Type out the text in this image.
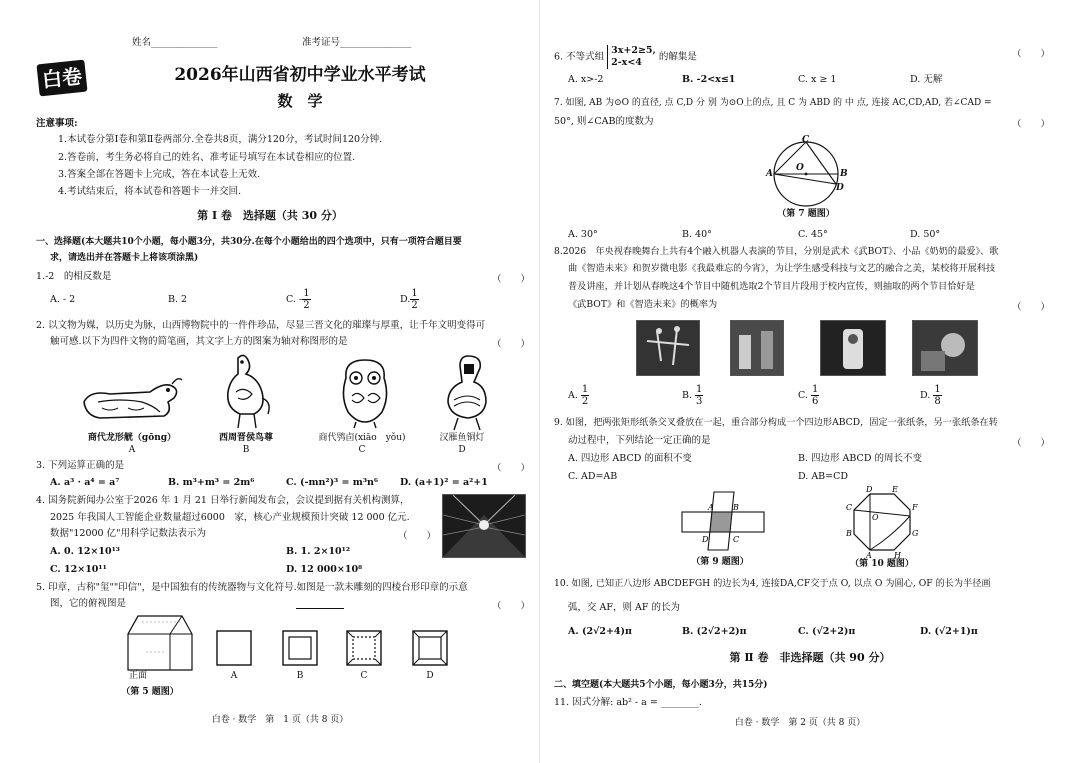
姓名______________	准考证号_______________
白卷	2026年山西省初中学业水平考试
数　学
注意事项:
1.本试卷分第Ⅰ卷和第Ⅱ卷两部分.全卷共8页，满分120分，考试时间120分钟.
2.答卷前，考生务必将自己的姓名、准考证号填写在本试卷相应的位置.
3.答案全部在答题卡上完成，答在本试卷上无效.
4.考试结束后，将本试卷和答题卡一并交回.
第 Ⅰ 卷　选择题（共 30 分）
一、选择题(本大题共10个小题，每小题3分，共30分.在每个小题给出的四个选项中，只有一项符合题目要
求，请选出并在答题卡上将该项涂黑)
1.-2　的相反数是	（　　）
A. - 2	B. 2	C. - $\frac{1}{2}$	D. $\frac{1}{2}$
2. 以文物为媒，以历史为脉，山西博物院中的一件件珍品，尽显三晋文化的璀璨与厚重，让千年文明变得可
触可感.以下为四件文物的简笔画，其文字上方的图案为轴对称图形的是	（　　）
商代龙形觥（gōng）	西周晋侯鸟尊	商代鸮卣(xiāo　yǒu)	汉雁鱼铜灯
A	B	C	D
3. 下列运算正确的是	（　　）
A. a³ · a⁴ = a⁷	B. m³+m³ = 2m⁶	C. (-mn²)³ = m³n⁶ D. (a+1)² = a²+1
4. 国务院新闻办公室于2026 年 1 月 21 日举行新闻发布会，会议提到据有关机构测算，
2025 年我国人工智能企业数量超过6000　家，核心产业规模预计突破 12 000 亿元.
数据"12000 亿"用科学记数法表示为	（　　）
A. 0. 12×10¹³	B. 1. 2×10¹²
C. 12×10¹¹	D. 12 000×10⁸
5. 印章，古称"玺""印信"，是中国独有的传统器物与文化符号.如图是一款未雕刻的四棱台形印章的示意
图，它的俯视图是	（　　）
正面
（第 5 题图）
A	B	C	D
白卷 · 数学　第　1 页（共 8 页）
6. 不等式组
3x+2≥5,
2-x<4	的解集是	（　　）
A. x>-2	B. -2<x≤1	C. x ≥ 1	D. 无解
7. 如图, AB 为⊙O 的直径, 点 C,D 分 别 为⊙O上的点, 且 C 为 ABD 的 中 点, 连接 AC,CD,AD, 若∠CAD =
50°, 则∠CAB的度数为	（　　）
C
O
A	B
D
（第 7 题图）
A. 30°	B. 40°	C. 45°	D. 50°
8.2026　年央视春晚舞台上共有4个融入机器人表演的节目，分别是武术《武BOT》、小品《奶奶的最爱》、歌
曲《智造未来》和贺岁微电影《我最难忘的今宵》，为让学生感受科技与文艺的融合之美，某校将开展科技
普及讲座，并计划从春晚这4个节目中随机选取2个节目片段用于校内宣传，则抽取的两个节目恰好是
《武BOT》和《智造未来》的概率为	（　　）
A. $\frac{1}{2}$	B. $\frac{1}{3}$	C. $\frac{1}{6}$	D. $\frac{1}{8}$
9. 如图，把两张矩形纸条交叉叠放在一起，重合部分构成一个四边形ABCD，固定一张纸条，另一张纸条在转
动过程中，下列结论一定正确的是	（　　）
A. 四边形 ABCD 的面积不变	B. 四边形 ABCD 的周长不变
C. AD=AB	D. AB=CD
A B
D	C
（第 9 题图）
D E
F
G
H
A
B
C
O
（第 10 题图）
10. 如图, 已知正八边形 ABCDEFGH 的边长为4, 连接DA,CF交于点 O, 以点 O 为圆心, OF 的长为半径画
弧，交 AF，则 AF 的长为
A. (2√2+4)π	B. (2√2+2)π	C. (√2+2)π	D. (√2+1)π
第 Ⅱ 卷　非选择题（共 90 分）
二、填空题(本大题共5个小题，每小题3分，共15分)
11. 因式分解: ab² - a = ________.
白卷 · 数学　第 2 页（共 8 页）
